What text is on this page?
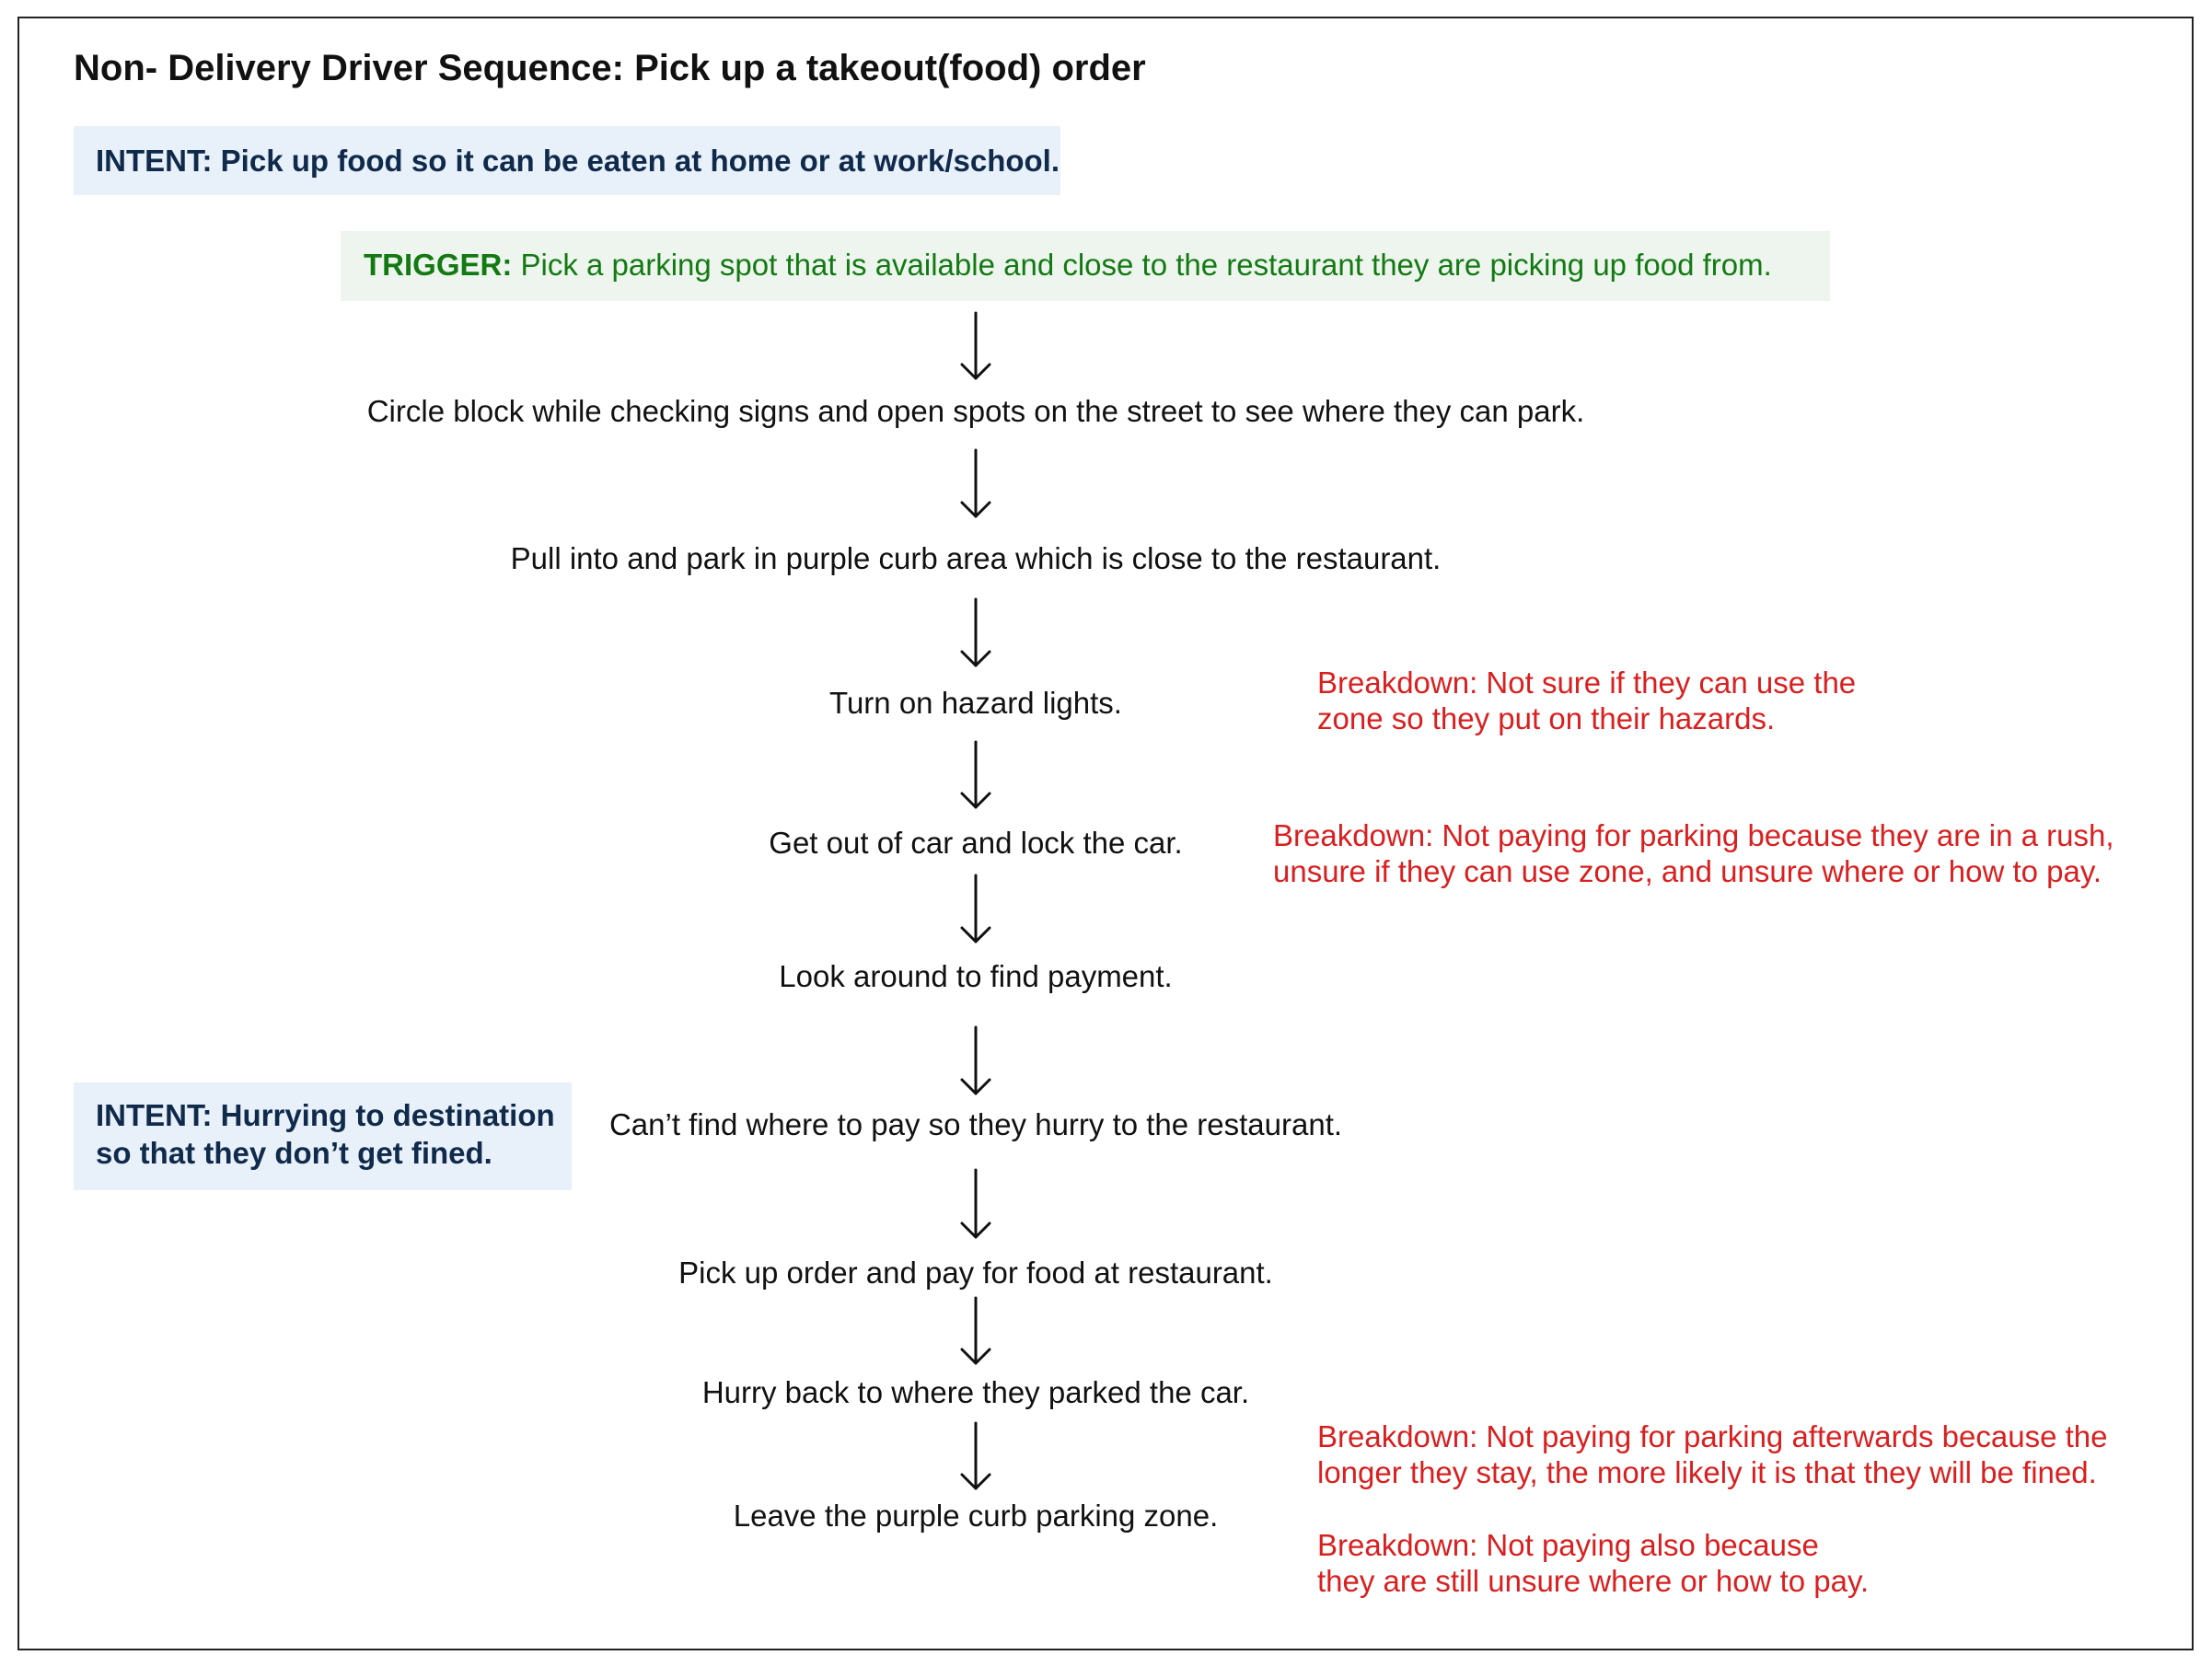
Non- Delivery Driver Sequence: Pick up a takeout(food) order
INTENT: Pick up food so it can be eaten at home or at work/school.
TRIGGER: Pick a parking spot that is available and close to the restaurant they are picking up food from.
INTENT: Hurrying to destination
so that they don’t get fined.
Circle block while checking signs and open spots on the street to see where they can park.
Pull into and park in purple curb area which is close to the restaurant.
Turn on hazard lights.
Get out of car and lock the car.
Look around to find payment.
Can’t find where to pay so they hurry to the restaurant.
Pick up order and pay for food at restaurant.
Hurry back to where they parked the car.
Leave the purple curb parking zone.
Breakdown: Not sure if they can use the
zone so they put on their hazards.
Breakdown: Not paying for parking because they are in a rush,
unsure if they can use zone, and unsure where or how to pay.
Breakdown: Not paying for parking afterwards because the
longer they stay, the more likely it is that they will be fined.
Breakdown: Not paying also because
they are still unsure where or how to pay.
